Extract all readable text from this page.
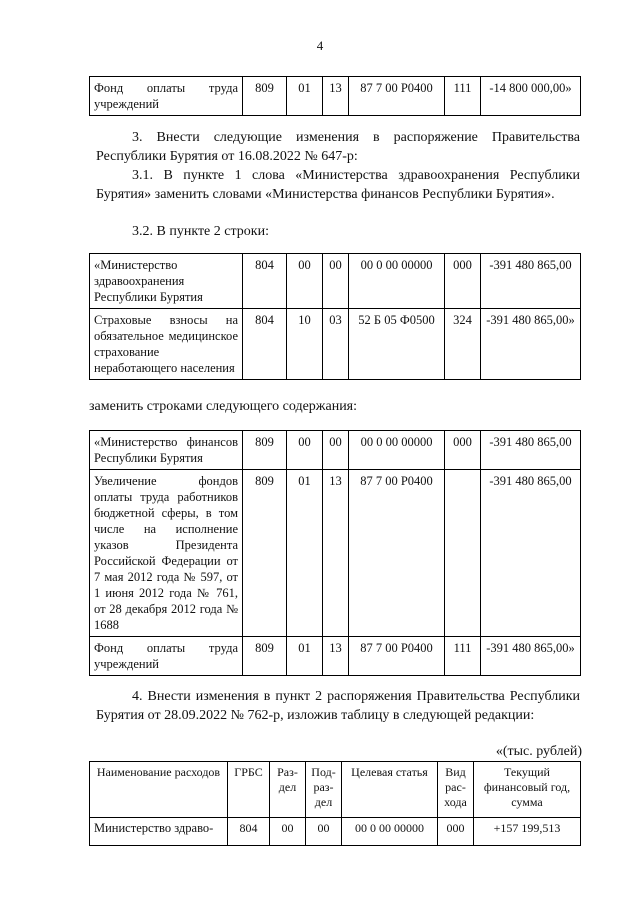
4
Фонд оплаты труда учреждений	809	01	13	87 7 00 Р0400	111	-14 800 000,00»
3. Внести следующие изменения в распоряжение Правительства Республики Бурятия от 16.08.2022 № 647-р:
3.1. В пункте 1 слова «Министерства здравоохранения Республики Бурятия» заменить словами «Министерства финансов Республики Бурятия».
3.2. В пункте 2 строки:
«Министерство здравоохранения Республики Бурятия	804	00	00	00 0 00 00000	000	-391 480 865,00
Страховые взносы на обязательное медицинское страхование неработающего населения	804	10	03	52 Б 05 Ф0500	324	-391 480 865,00»
заменить строками следующего содержания:
«Министерство финансов Республики Бурятия	809	00	00	00 0 00 00000	000	-391 480 865,00
Увеличение фондов оплаты труда работников бюджетной сферы, в том числе на исполнение указов Президента Российской Федерации от 7 мая 2012 года № 597, от 1 июня 2012 года № 761, от 28 декабря 2012 года № 1688	809	01	13	87 7 00 Р0400		-391 480 865,00
Фонд оплаты труда учреждений	809	01	13	87 7 00 Р0400	111	-391 480 865,00»
4. Внести изменения в пункт 2 распоряжения Правительства Республики Бурятия от 28.09.2022 № 762-р, изложив таблицу в следующей редакции:
«(тыс. рублей)
Наименование расходов	ГРБС	Раз-дел	Под-раз-дел	Целевая статья	Вид рас-хода	Текущий финансовый год, сумма
Министерство здраво-	804	00	00	00 0 00 00000	000	+157 199,513
